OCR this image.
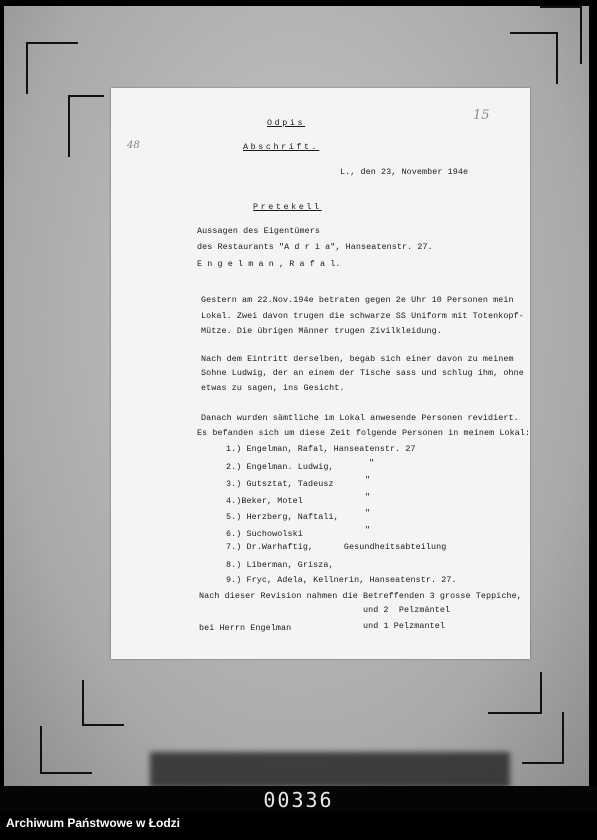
15
48
Odpis
Abschrift.
L., den 23, November 194e
Pretekell
Aussagen des Eigentümers
des Restaurants "A d r i a", Hanseatenstr. 27.
E n g e l m a n , R a f a l.
Gestern am 22.Nov.194e betraten gegen 2e Uhr 10 Personen mein
Lokal. Zwei davon trugen die schwarze SS Uniform mit Totenkopf-
Mütze. Die übrigen Männer trugen Zivilkleidung.
Nach dem Eintritt derselben, begab sich einer davon zu meinem
Sohne Ludwig, der an einem der Tische sass und schlug ihm, ohne
etwas zu sagen, ins Gesicht.
Danach wurden sämtliche im Lokal anwesende Personen revidiert.
Es befanden sich um diese Zeit folgende Personen in meinem Lokal:
1.) Engelman, Rafal, Hanseatenstr. 27
2.) Engelman. Ludwig,	"
3.) Gutsztat, Tadeusz	"
4.)Beker, Motel	"
5.) Herzberg, Naftali,	"
6.) Suchowolski	"
7.) Dr.Warhaftig,      Gesundheitsabteilung
8.) Liberman, Grisza,
9.) Fryc, Adela, Kellnerin, Hanseatenstr. 27.
Nach dieser Revision nahmen die Betreffenden 3 grosse Teppiche,
und 2  Pelzmäntel
bei Herrn Engelman	und 1 Pelzmantel
00336
Archiwum Państwowe w Łodzi
